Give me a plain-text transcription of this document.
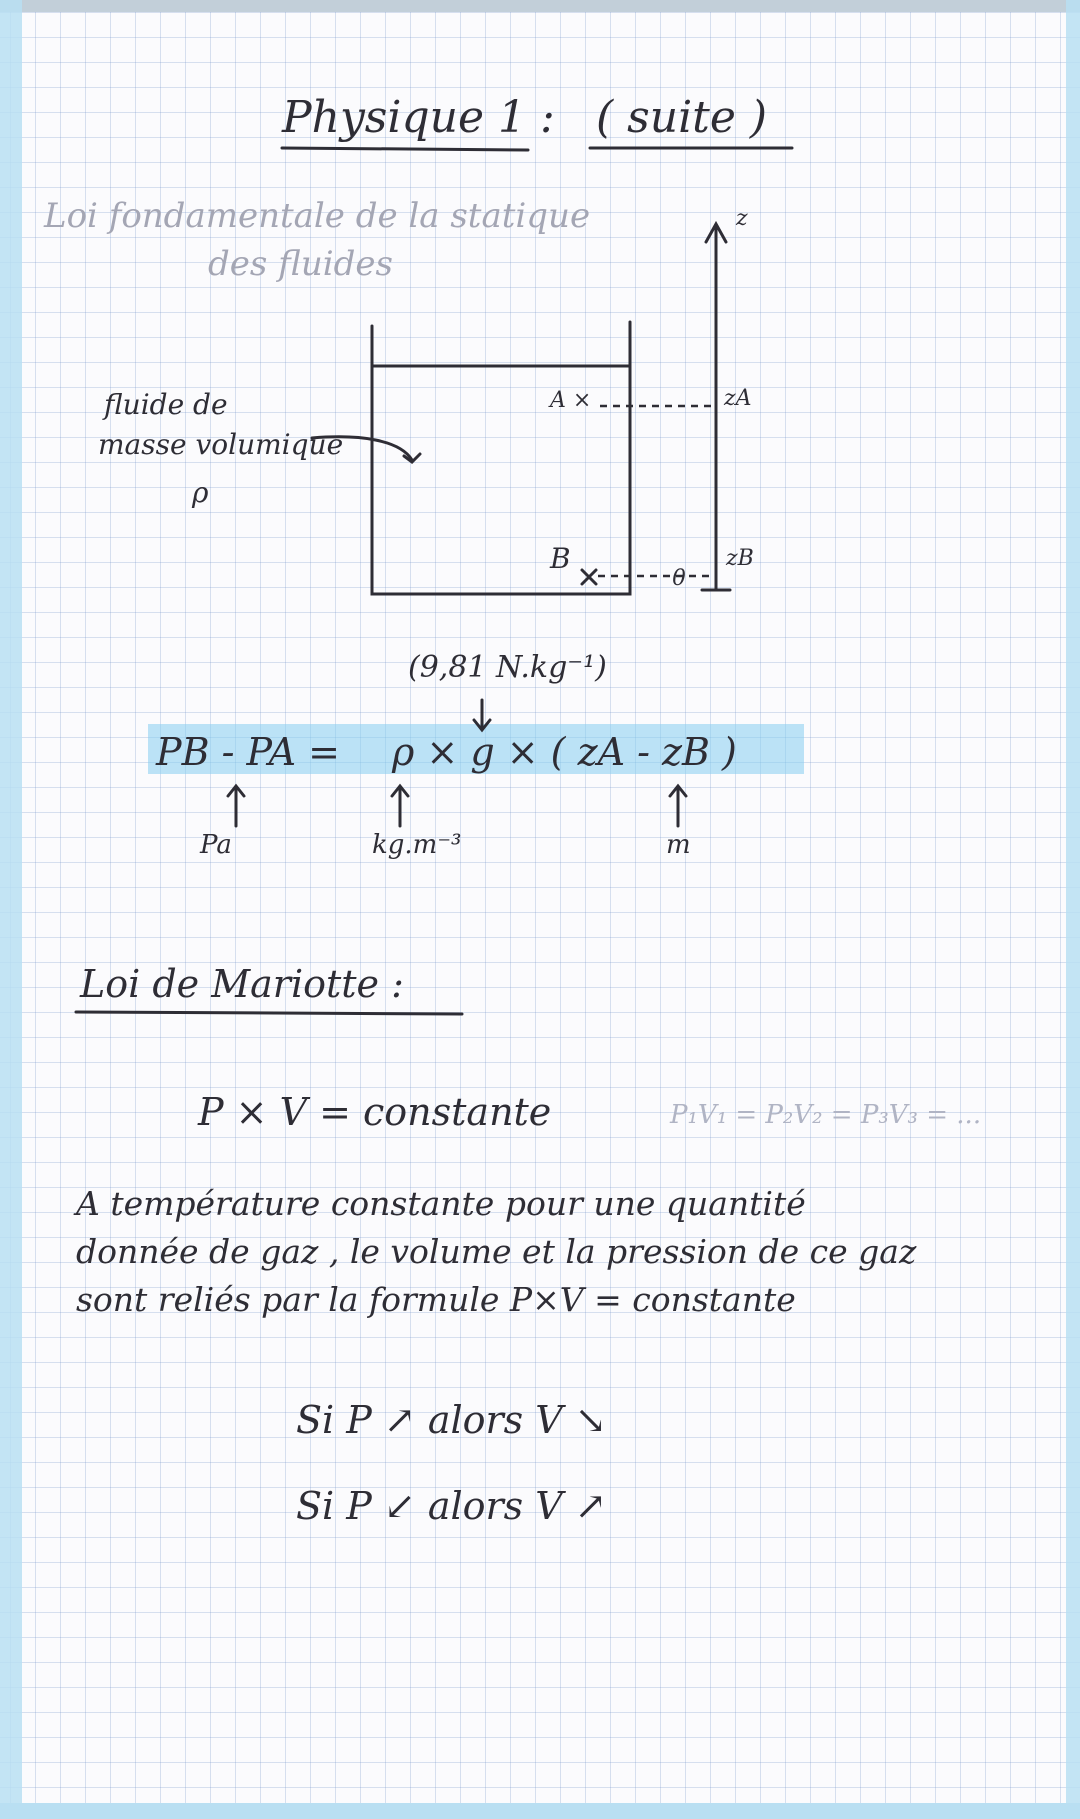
Physique 1 : ( suite )
Loi fondamentale de la statique
des fluides
fluide de
masse volumique
ρ
z
A ×
B
zA
zB
0
(9,81 N.kg⁻¹)
PB - PA = ρ × g × ( zA - zB )
Pa	kg.m⁻³	m
Loi de Mariotte :
P × V = constante	P₁V₁ = P₂V₂ = P₃V₃ = ...
A température constante pour une quantité
donnée de gaz , le volume et la pression de ce gaz
sont reliés par la formule P×V = constante
Si P ↗ alors V ↘
Si P ↙ alors V ↗
